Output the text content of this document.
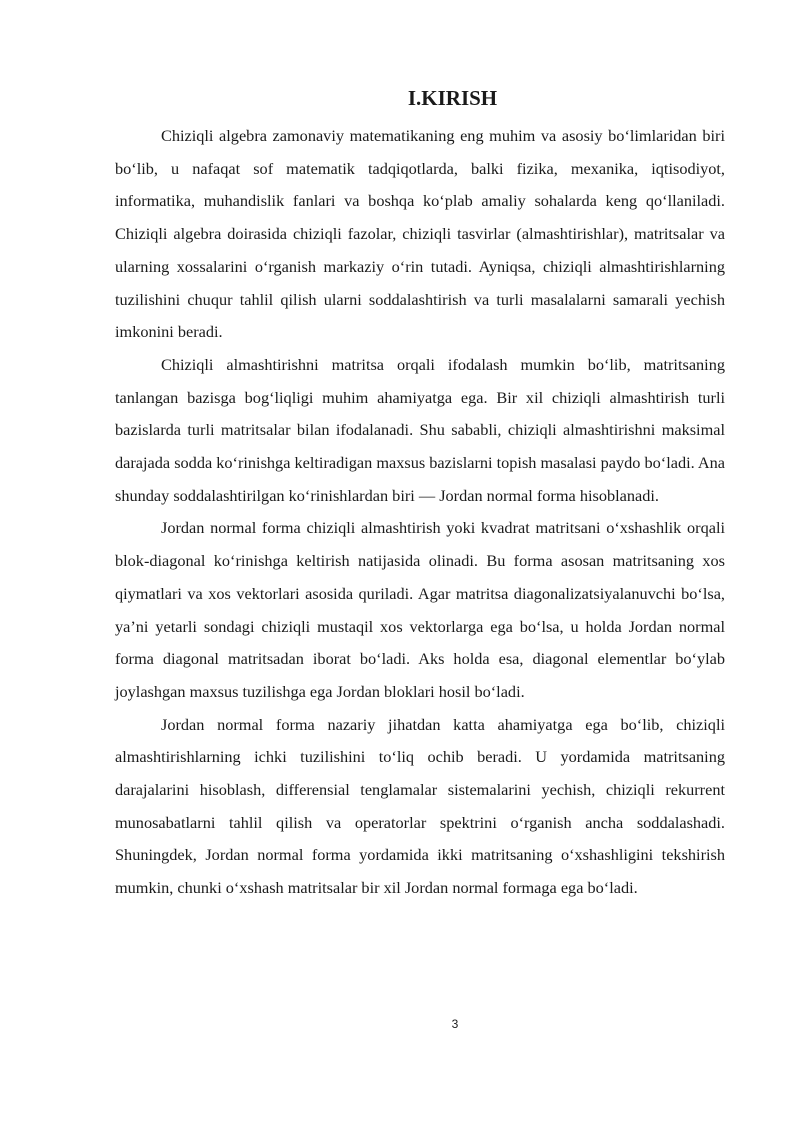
I.KIRISH

Chiziqli algebra zamonaviy matematikaning eng muhim va asosiy boʻlimlaridan biri boʻlib, u nafaqat sof matematik tadqiqotlarda, balki fizika, mexanika, iqtisodiyot, informatika, muhandislik fanlari va boshqa koʻplab amaliy sohalarda keng qoʻllaniladi. Chiziqli algebra doirasida chiziqli fazolar, chiziqli tasvirlar (almashtirishlar), matritsalar va ularning xossalarini oʻrganish markaziy oʻrin tutadi. Ayniqsa, chiziqli almashtirishlarning tuzilishini chuqur tahlil qilish ularni soddalashtirish va turli masalalarni samarali yechish imkonini beradi.

Chiziqli almashtirishni matritsa orqali ifodalash mumkin boʻlib, matritsaning tanlangan bazisga bogʻliqligi muhim ahamiyatga ega. Bir xil chiziqli almashtirish turli bazislarda turli matritsalar bilan ifodalanadi. Shu sababli, chiziqli almashtirishni maksimal darajada sodda koʻrinishga keltiradigan maxsus bazislarni topish masalasi paydo boʻladi. Ana shunday soddalashtirilgan koʻrinishlardan biri — Jordan normal forma hisoblanadi.

Jordan normal forma chiziqli almashtirish yoki kvadrat matritsani oʻxshashlik orqali blok-diagonal koʻrinishga keltirish natijasida olinadi. Bu forma asosan matritsaning xos qiymatlari va xos vektorlari asosida quriladi. Agar matritsa diagonalizatsiyalanuvchi boʻlsa, yaʼni yetarli sondagi chiziqli mustaqil xos vektorlarga ega boʻlsa, u holda Jordan normal forma diagonal matritsadan iborat boʻladi. Aks holda esa, diagonal elementlar boʻylab joylashgan maxsus tuzilishga ega Jordan bloklari hosil boʻladi.

Jordan normal forma nazariy jihatdan katta ahamiyatga ega boʻlib, chiziqli almashtirishlarning ichki tuzilishini toʻliq ochib beradi. U yordamida matritsaning darajalarini hisoblash, differensial tenglamalar sistemalarini yechish, chiziqli rekurrent munosabatlarni tahlil qilish va operatorlar spektrini oʻrganish ancha soddalashadi. Shuningdek, Jordan normal forma yordamida ikki matritsaning oʻxshashligini tekshirish mumkin, chunki oʻxshash matritsalar bir xil Jordan normal formaga ega boʻladi.

3
